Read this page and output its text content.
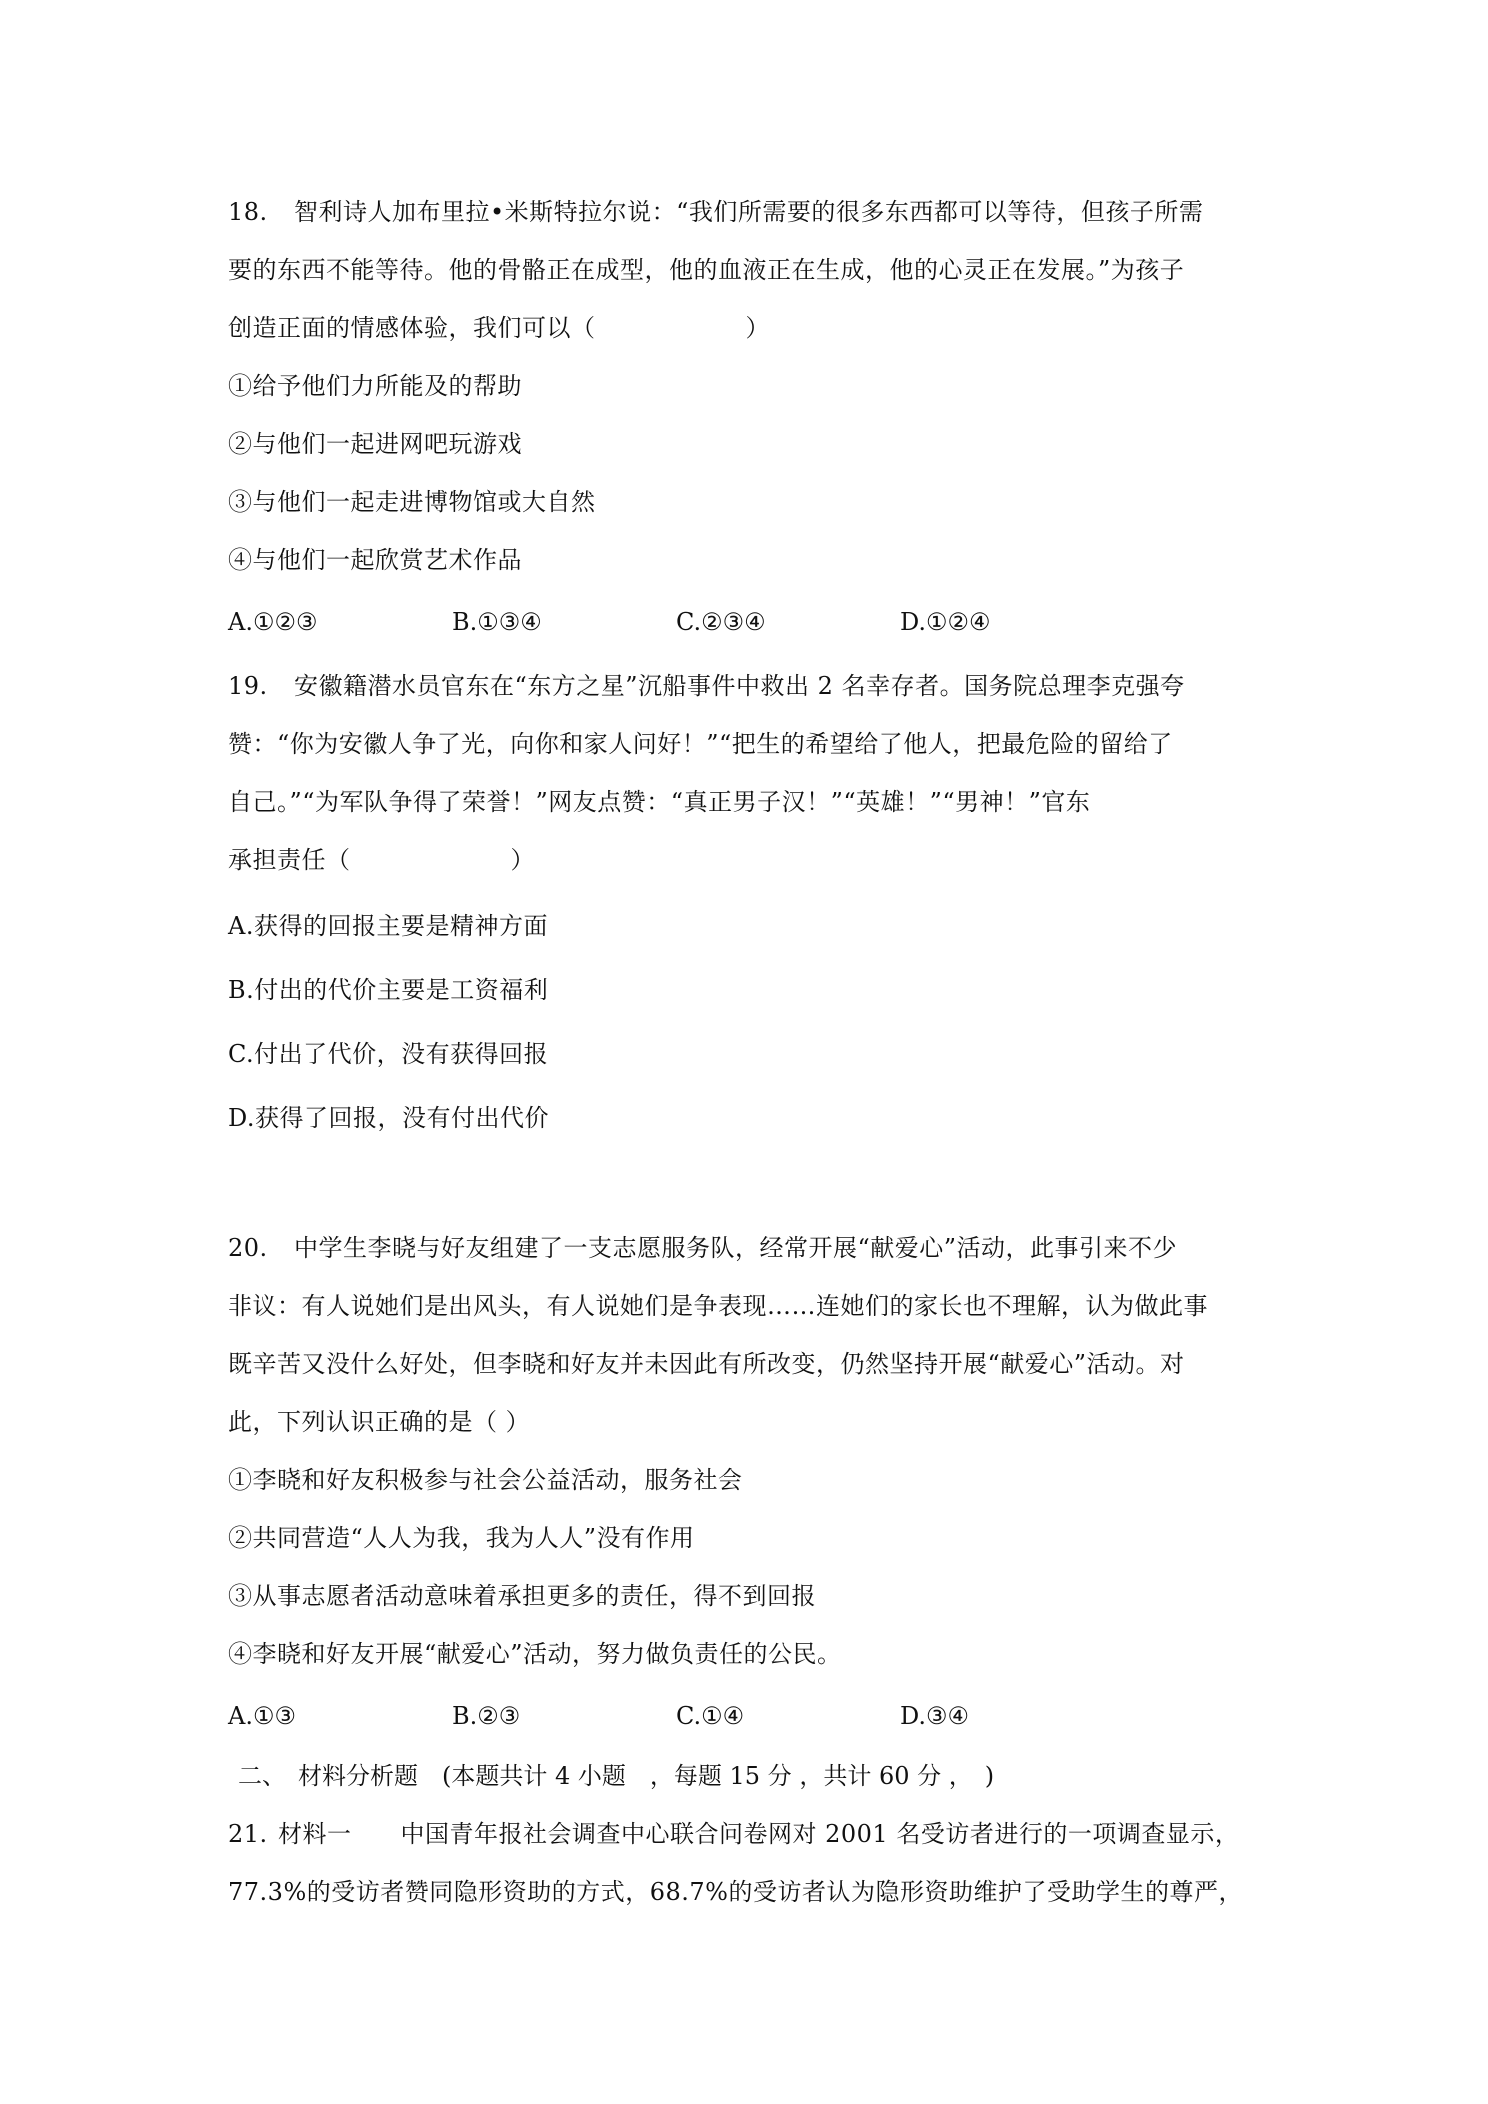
18. 智利诗人加布里拉•米斯特拉尔说：“我们所需要的很多东西都可以等待，但孩子所需
要的东西不能等待。他的骨骼正在成型，他的血液正在生成，他的心灵正在发展。”为孩子
创造正面的情感体验，我们可以（	）
①给予他们力所能及的帮助
②与他们一起进网吧玩游戏
③与他们一起走进博物馆或大自然
④与他们一起欣赏艺术作品
A.①②③	B.①③④	C.②③④	D.①②④
19. 安徽籍潜水员官东在“东方之星”沉船事件中救出 2 名幸存者。国务院总理李克强夸
赞：“你为安徽人争了光，向你和家人问好！”“把生的希望给了他人，把最危险的留给了
自己。”“为军队争得了荣誉！”网友点赞：“真正男子汉！”“英雄！”“男神！”官东
承担责任（	）
A.获得的回报主要是精神方面
B.付出的代价主要是工资福利
C.付出了代价，没有获得回报
D.获得了回报，没有付出代价
20. 中学生李晓与好友组建了一支志愿服务队，经常开展“献爱心”活动，此事引来不少
非议：有人说她们是出风头，有人说她们是争表现……连她们的家长也不理解，认为做此事
既辛苦又没什么好处，但李晓和好友并未因此有所改变，仍然坚持开展“献爱心”活动。对
此，下列认识正确的是（ ）
①李晓和好友积极参与社会公益活动，服务社会
②共同营造“人人为我，我为人人”没有作用
③从事志愿者活动意味着承担更多的责任，得不到回报
④李晓和好友开展“献爱心”活动，努力做负责任的公民。
A.①③	B.②③	C.①④	D.③④
二、　材料分析题　(本题共计 4 小题　，每题 15 分 ，共计 60 分 ，　)
21. 材料一　　中国青年报社会调查中心联合问卷网对 2001 名受访者进行的一项调查显示，
77.3%的受访者赞同隐形资助的方式，68.7%的受访者认为隐形资助维护了受助学生的尊严，
